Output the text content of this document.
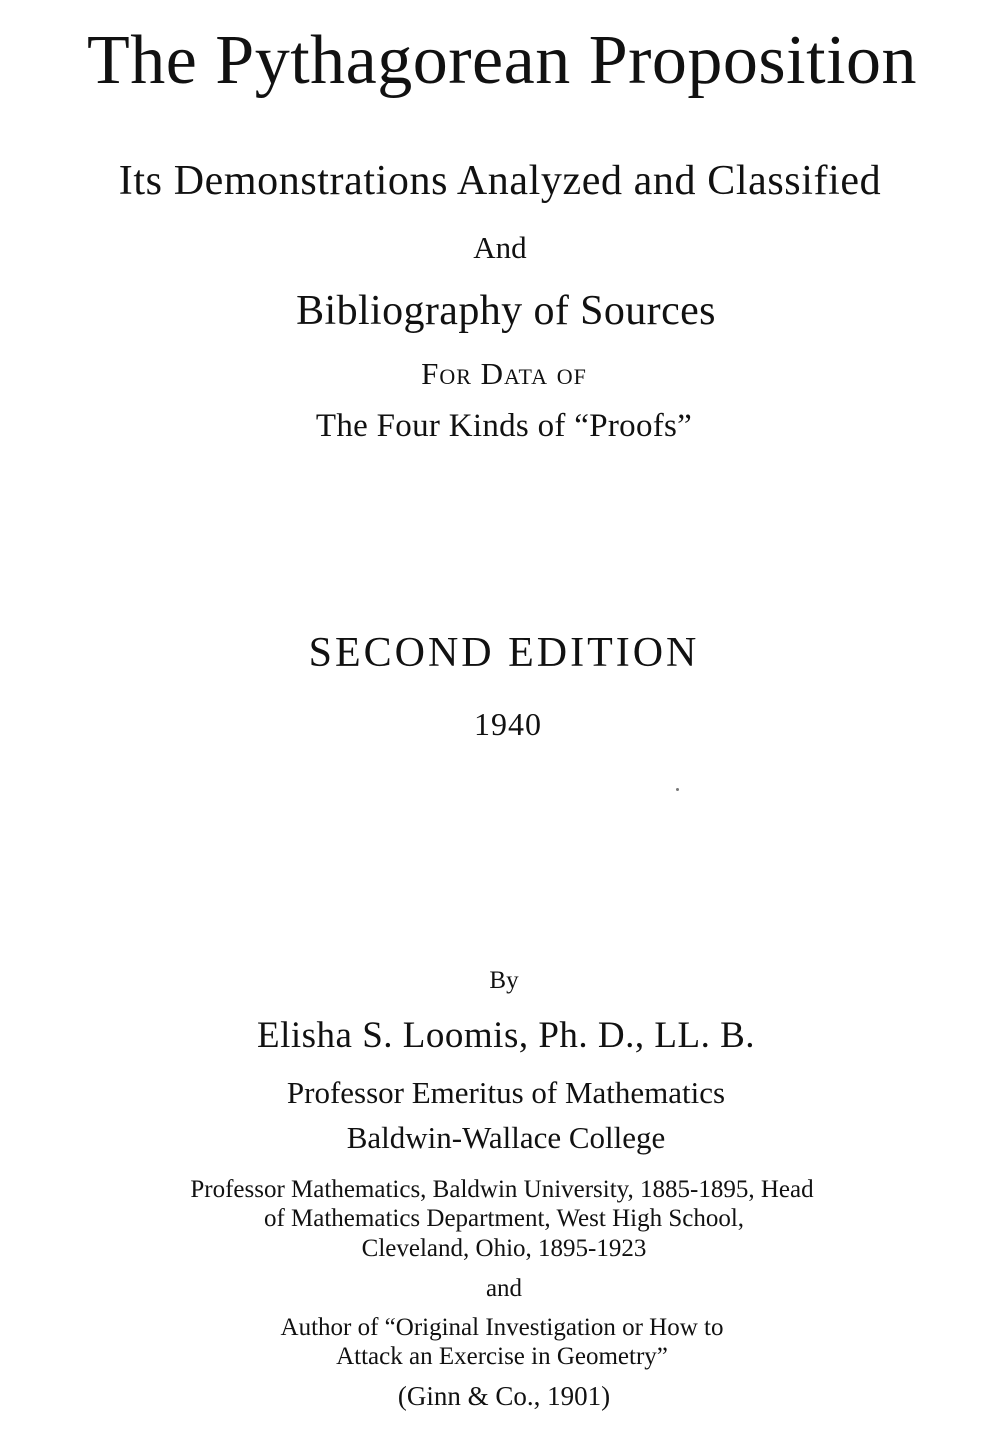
The Pythagorean Proposition
Its Demonstrations Analyzed and Classified
And
Bibliography of Sources
For Data of
The Four Kinds of “Proofs”
SECOND EDITION
1940
By
Elisha S. Loomis, Ph. D., LL. B.
Professor Emeritus of Mathematics
Baldwin-Wallace College
Professor Mathematics, Baldwin University, 1885-1895, Head
of Mathematics Department, West High School,
Cleveland, Ohio, 1895-1923
and
Author of “Original Investigation or How to
Attack an Exercise in Geometry”
(Ginn & Co., 1901)
